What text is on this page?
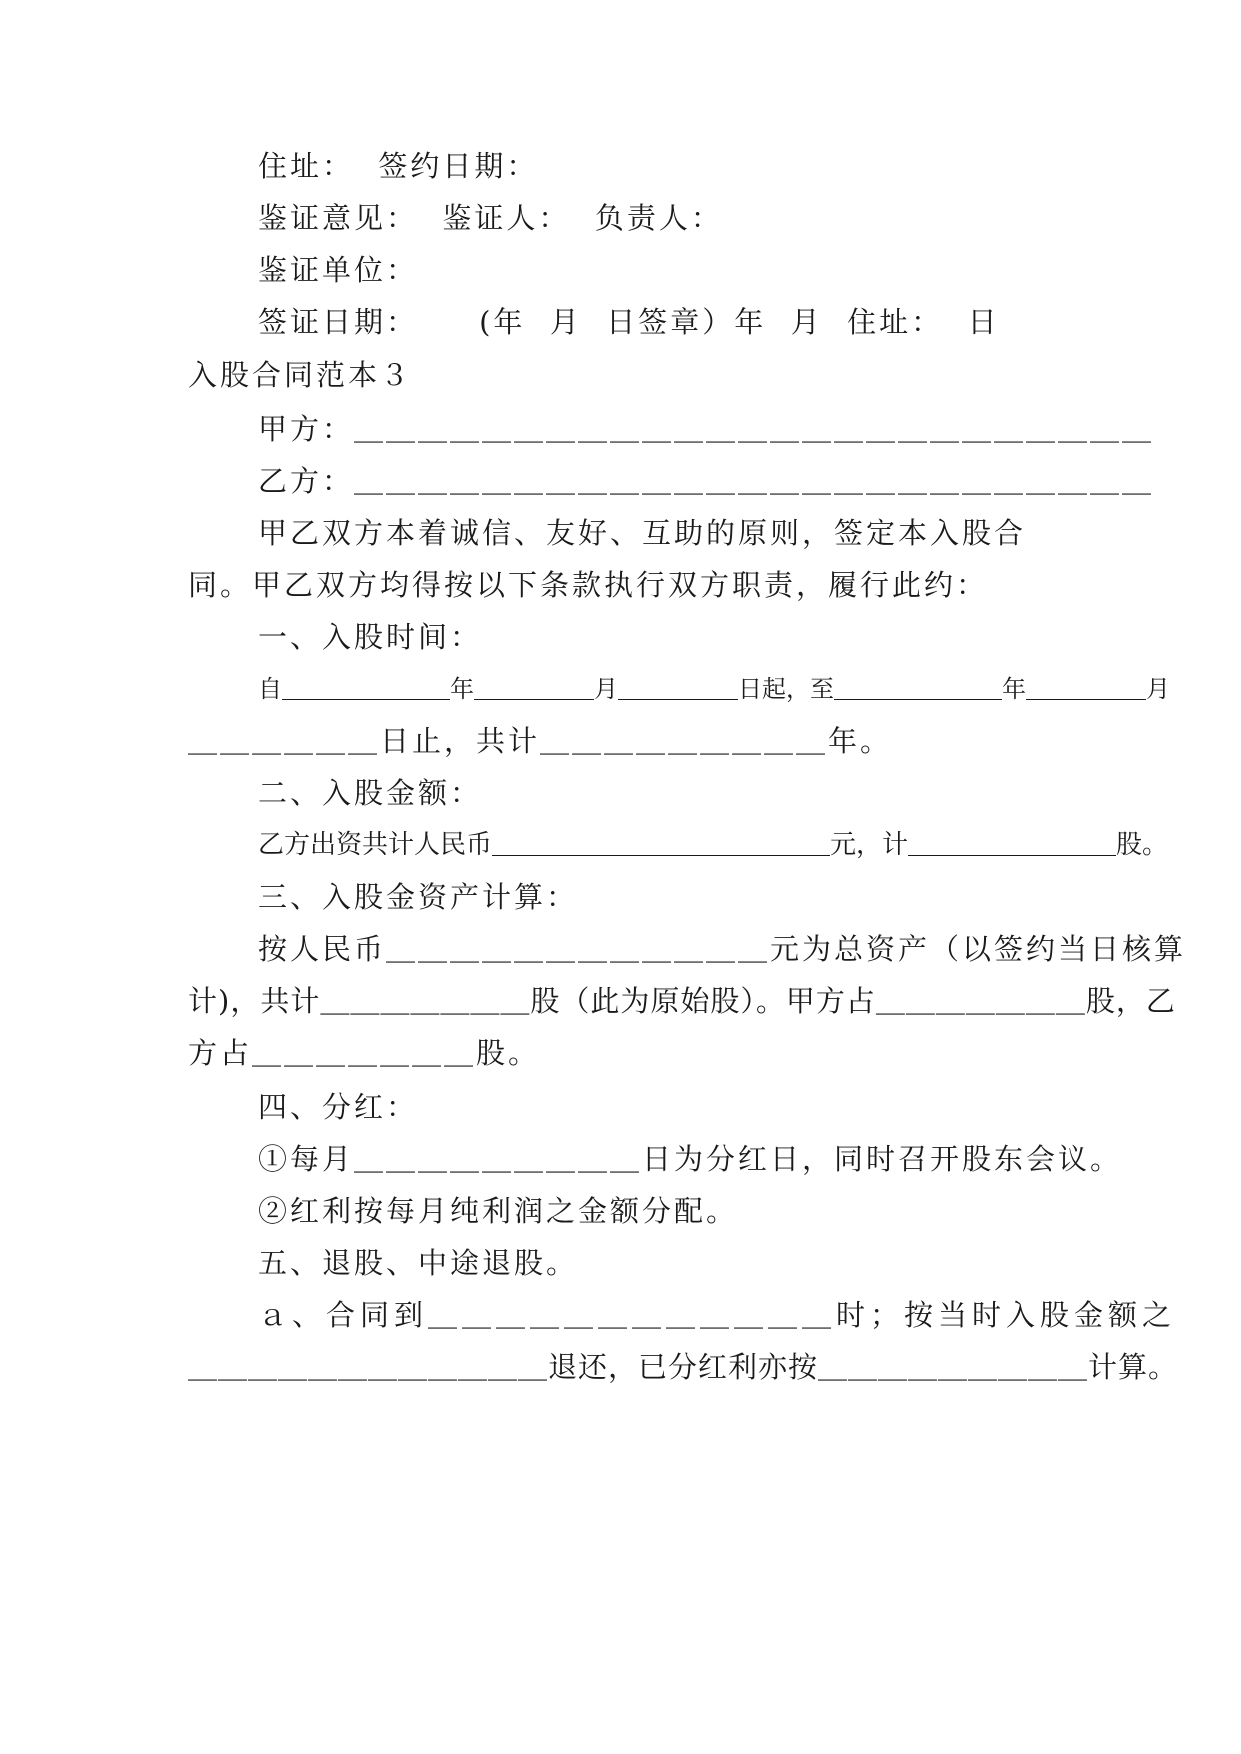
住址：  签约日期：
鉴证意见：  鉴证人：  负责人：
鉴证单位：
签证日期：     (年  月  日签章）年  月  住址：  日
入股合同范本３
甲方：＿＿＿＿＿＿＿＿＿＿＿＿＿＿＿＿＿＿＿＿＿＿＿＿＿
乙方：＿＿＿＿＿＿＿＿＿＿＿＿＿＿＿＿＿＿＿＿＿＿＿＿＿
甲乙双方本着诚信、友好、互助的原则，签定本入股合
同。甲乙双方均得按以下条款执行双方职责，履行此约：
一、入股时间：
自＿＿＿＿＿＿＿年＿＿＿＿＿月＿＿＿＿＿日起，至＿＿＿＿＿＿＿年＿＿＿＿＿月
＿＿＿＿＿＿日止，共计＿＿＿＿＿＿＿＿＿年。
二、入股金额：
乙方出资共计人民币＿＿＿＿＿＿＿＿＿＿＿＿＿元，计＿＿＿＿＿＿＿＿股。
三、入股金资产计算：
按人民币＿＿＿＿＿＿＿＿＿＿＿＿元为总资产（以签约当日核算
计)，共计＿＿＿＿＿＿＿股（此为原始股）。甲方占＿＿＿＿＿＿＿股，乙
方占＿＿＿＿＿＿＿股。
四、分红：
①每月＿＿＿＿＿＿＿＿＿日为分红日，同时召开股东会议。
②红利按每月纯利润之金额分配。
五、退股、中途退股。
ａ、合同到＿＿＿＿＿＿＿＿＿＿＿＿时；按当时入股金额之
＿＿＿＿＿＿＿＿＿＿＿＿退还，已分红利亦按＿＿＿＿＿＿＿＿＿计算。
